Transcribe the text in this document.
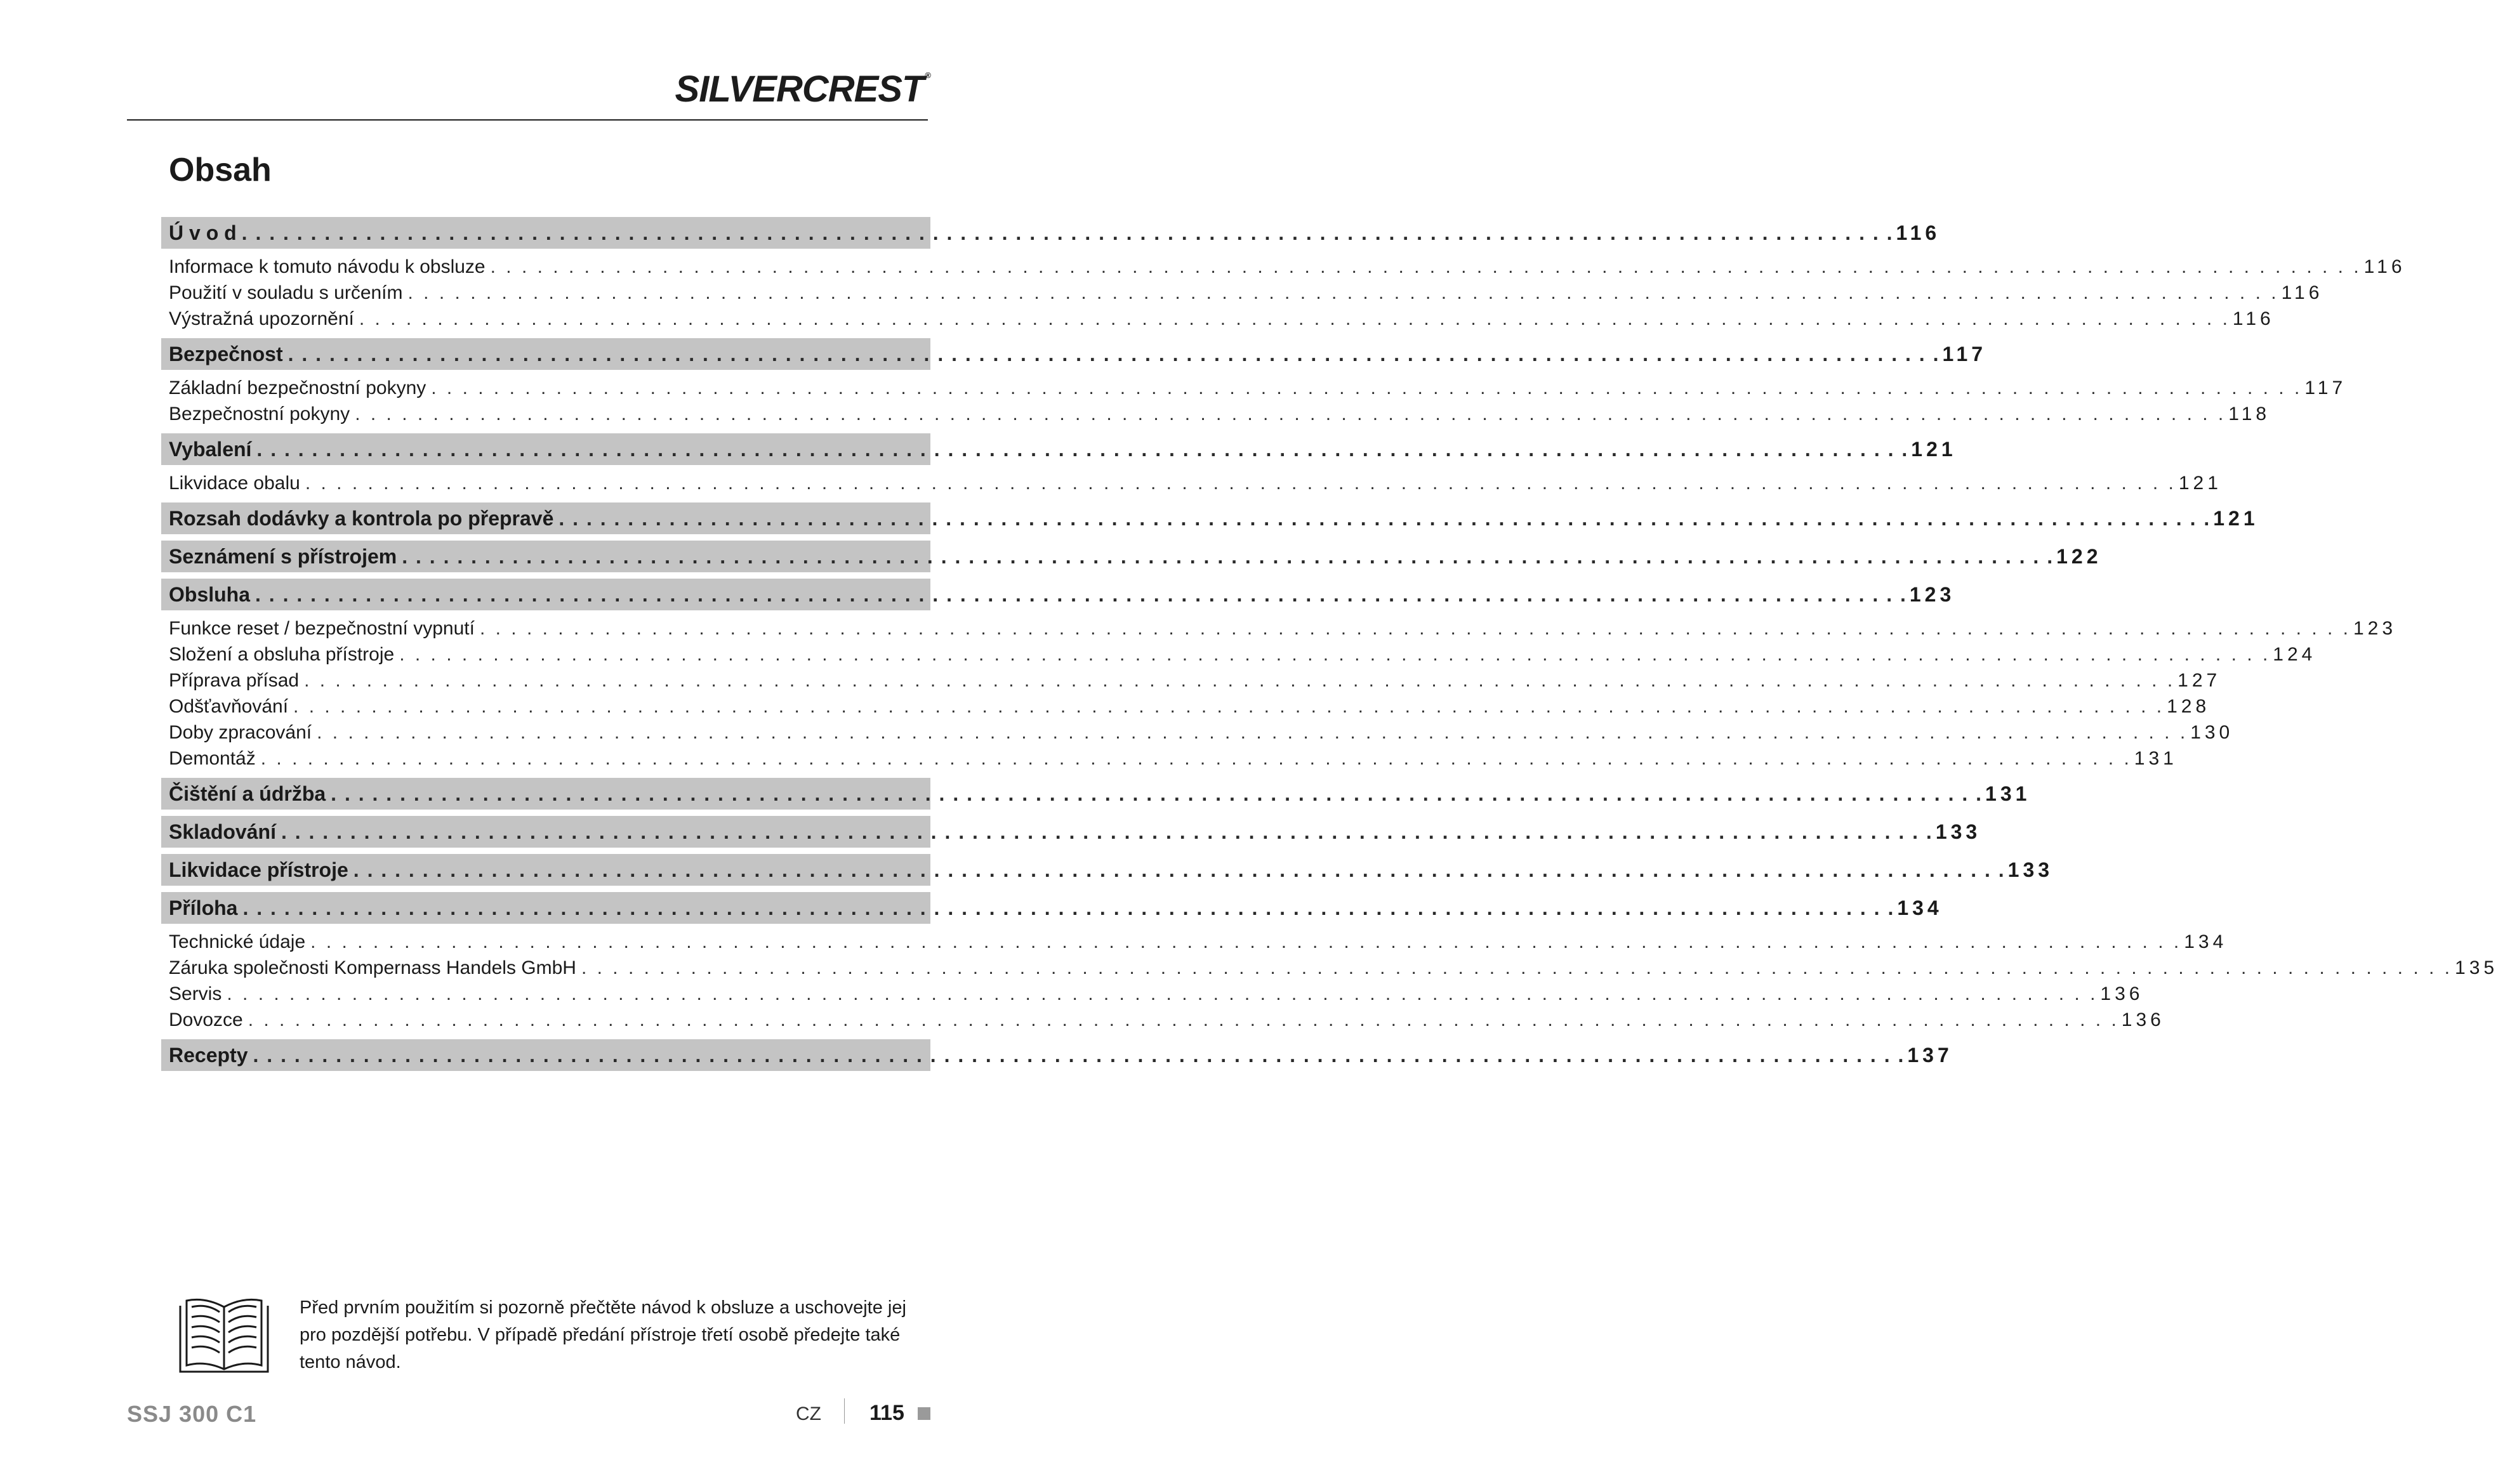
SILVERCREST ®
Obsah
Ú v o d . . . . . . . . . . . . . . . . . . . . . . . . . . . . . . . . . . . . . . . . . . . . . . . . . . . . . . . . . . . . . . . . . . . . . . . . . . . . . . . . . . . . . . . . . . . . . . . . . . . . . . . . . . . . . . . . . . . . . . . . 116
Informace k tomuto návodu k obsluze . . . . . . . . . . . . . . . . . . . . . . . . . . . . . . . . . . . . . . . . . . . . . . . . . . . . . . . . . . . . . . . . . . . . . . . . . . . . . . . . . . . . . . . . . . . . . . . . . . . . . . . . . . . . . . . . . . . . . . . . 116
Použití v souladu s určením . . . . . . . . . . . . . . . . . . . . . . . . . . . . . . . . . . . . . . . . . . . . . . . . . . . . . . . . . . . . . . . . . . . . . . . . . . . . . . . . . . . . . . . . . . . . . . . . . . . . . . . . . . . . . . . . . . . . . . . . 116
Výstražná upozornění . . . . . . . . . . . . . . . . . . . . . . . . . . . . . . . . . . . . . . . . . . . . . . . . . . . . . . . . . . . . . . . . . . . . . . . . . . . . . . . . . . . . . . . . . . . . . . . . . . . . . . . . . . . . . . . . . . . . . . . . 116
Bezpečnost . . . . . . . . . . . . . . . . . . . . . . . . . . . . . . . . . . . . . . . . . . . . . . . . . . . . . . . . . . . . . . . . . . . . . . . . . . . . . . . . . . . . . . . . . . . . . . . . . . . . . . . . . . . . . . . . . . . . . . . . 117
Základní bezpečnostní pokyny . . . . . . . . . . . . . . . . . . . . . . . . . . . . . . . . . . . . . . . . . . . . . . . . . . . . . . . . . . . . . . . . . . . . . . . . . . . . . . . . . . . . . . . . . . . . . . . . . . . . . . . . . . . . . . . . . . . . . . . . 117
Bezpečnostní pokyny . . . . . . . . . . . . . . . . . . . . . . . . . . . . . . . . . . . . . . . . . . . . . . . . . . . . . . . . . . . . . . . . . . . . . . . . . . . . . . . . . . . . . . . . . . . . . . . . . . . . . . . . . . . . . . . . . . . . . . . . 118
Vybalení . . . . . . . . . . . . . . . . . . . . . . . . . . . . . . . . . . . . . . . . . . . . . . . . . . . . . . . . . . . . . . . . . . . . . . . . . . . . . . . . . . . . . . . . . . . . . . . . . . . . . . . . . . . . . . . . . . . . . . . . 121
Likvidace obalu . . . . . . . . . . . . . . . . . . . . . . . . . . . . . . . . . . . . . . . . . . . . . . . . . . . . . . . . . . . . . . . . . . . . . . . . . . . . . . . . . . . . . . . . . . . . . . . . . . . . . . . . . . . . . . . . . . . . . . . . 121
Rozsah dodávky a kontrola po přepravě . . . . . . . . . . . . . . . . . . . . . . . . . . . . . . . . . . . . . . . . . . . . . . . . . . . . . . . . . . . . . . . . . . . . . . . . . . . . . . . . . . . . . . . . . . . . . . . . . . . . . . . . . . . . . . . . . . . . . . . . 121
Seznámení s přístrojem . . . . . . . . . . . . . . . . . . . . . . . . . . . . . . . . . . . . . . . . . . . . . . . . . . . . . . . . . . . . . . . . . . . . . . . . . . . . . . . . . . . . . . . . . . . . . . . . . . . . . . . . . . . . . . . . . . . . . . . . 122
Obsluha . . . . . . . . . . . . . . . . . . . . . . . . . . . . . . . . . . . . . . . . . . . . . . . . . . . . . . . . . . . . . . . . . . . . . . . . . . . . . . . . . . . . . . . . . . . . . . . . . . . . . . . . . . . . . . . . . . . . . . . . 123
Funkce reset / bezpečnostní vypnutí . . . . . . . . . . . . . . . . . . . . . . . . . . . . . . . . . . . . . . . . . . . . . . . . . . . . . . . . . . . . . . . . . . . . . . . . . . . . . . . . . . . . . . . . . . . . . . . . . . . . . . . . . . . . . . . . . . . . . . . . 123
Složení a obsluha přístroje . . . . . . . . . . . . . . . . . . . . . . . . . . . . . . . . . . . . . . . . . . . . . . . . . . . . . . . . . . . . . . . . . . . . . . . . . . . . . . . . . . . . . . . . . . . . . . . . . . . . . . . . . . . . . . . . . . . . . . . . 124
Příprava přísad . . . . . . . . . . . . . . . . . . . . . . . . . . . . . . . . . . . . . . . . . . . . . . . . . . . . . . . . . . . . . . . . . . . . . . . . . . . . . . . . . . . . . . . . . . . . . . . . . . . . . . . . . . . . . . . . . . . . . . . . 127
Odšťavňování . . . . . . . . . . . . . . . . . . . . . . . . . . . . . . . . . . . . . . . . . . . . . . . . . . . . . . . . . . . . . . . . . . . . . . . . . . . . . . . . . . . . . . . . . . . . . . . . . . . . . . . . . . . . . . . . . . . . . . . . 128
Doby zpracování . . . . . . . . . . . . . . . . . . . . . . . . . . . . . . . . . . . . . . . . . . . . . . . . . . . . . . . . . . . . . . . . . . . . . . . . . . . . . . . . . . . . . . . . . . . . . . . . . . . . . . . . . . . . . . . . . . . . . . . . 130
Demontáž . . . . . . . . . . . . . . . . . . . . . . . . . . . . . . . . . . . . . . . . . . . . . . . . . . . . . . . . . . . . . . . . . . . . . . . . . . . . . . . . . . . . . . . . . . . . . . . . . . . . . . . . . . . . . . . . . . . . . . . . 131
Čištění a údržba . . . . . . . . . . . . . . . . . . . . . . . . . . . . . . . . . . . . . . . . . . . . . . . . . . . . . . . . . . . . . . . . . . . . . . . . . . . . . . . . . . . . . . . . . . . . . . . . . . . . . . . . . . . . . . . . . . . . . . . . 131
Skladování . . . . . . . . . . . . . . . . . . . . . . . . . . . . . . . . . . . . . . . . . . . . . . . . . . . . . . . . . . . . . . . . . . . . . . . . . . . . . . . . . . . . . . . . . . . . . . . . . . . . . . . . . . . . . . . . . . . . . . . . 133
Likvidace přístroje . . . . . . . . . . . . . . . . . . . . . . . . . . . . . . . . . . . . . . . . . . . . . . . . . . . . . . . . . . . . . . . . . . . . . . . . . . . . . . . . . . . . . . . . . . . . . . . . . . . . . . . . . . . . . . . . . . . . . . . . 133
Příloha . . . . . . . . . . . . . . . . . . . . . . . . . . . . . . . . . . . . . . . . . . . . . . . . . . . . . . . . . . . . . . . . . . . . . . . . . . . . . . . . . . . . . . . . . . . . . . . . . . . . . . . . . . . . . . . . . . . . . . . . 134
Technické údaje . . . . . . . . . . . . . . . . . . . . . . . . . . . . . . . . . . . . . . . . . . . . . . . . . . . . . . . . . . . . . . . . . . . . . . . . . . . . . . . . . . . . . . . . . . . . . . . . . . . . . . . . . . . . . . . . . . . . . . . . 134
Záruka společnosti Kompernass Handels GmbH . . . . . . . . . . . . . . . . . . . . . . . . . . . . . . . . . . . . . . . . . . . . . . . . . . . . . . . . . . . . . . . . . . . . . . . . . . . . . . . . . . . . . . . . . . . . . . . . . . . . . . . . . . . . . . . . . . . . . . . . 135
Servis . . . . . . . . . . . . . . . . . . . . . . . . . . . . . . . . . . . . . . . . . . . . . . . . . . . . . . . . . . . . . . . . . . . . . . . . . . . . . . . . . . . . . . . . . . . . . . . . . . . . . . . . . . . . . . . . . . . . . . . . 136
Dovozce . . . . . . . . . . . . . . . . . . . . . . . . . . . . . . . . . . . . . . . . . . . . . . . . . . . . . . . . . . . . . . . . . . . . . . . . . . . . . . . . . . . . . . . . . . . . . . . . . . . . . . . . . . . . . . . . . . . . . . . . 136
Recepty . . . . . . . . . . . . . . . . . . . . . . . . . . . . . . . . . . . . . . . . . . . . . . . . . . . . . . . . . . . . . . . . . . . . . . . . . . . . . . . . . . . . . . . . . . . . . . . . . . . . . . . . . . . . . . . . . . . . . . . . 137

Před prvním použitím si pozorně přečtěte návod k obsluze a uschovejte jej pro pozdější potřebu. V případě předání přístroje třetí osobě předejte také tento návod.

SSJ 300 C1	CZ 115
